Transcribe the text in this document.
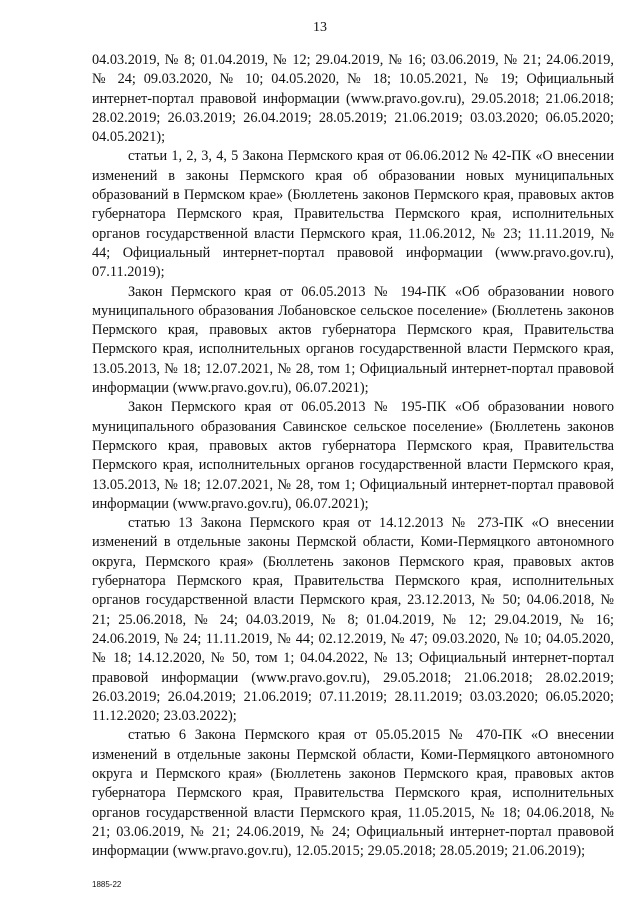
13

04.03.2019, № 8; 01.04.2019, № 12; 29.04.2019, № 16; 03.06.2019, № 21; 24.06.2019, № 24; 09.03.2020, № 10; 04.05.2020, № 18; 10.05.2021, № 19; Официальный интернет-портал правовой информации (www.pravo.gov.ru), 29.05.2018; 21.06.2018; 28.02.2019; 26.03.2019; 26.04.2019; 28.05.2019; 21.06.2019; 03.03.2020; 06.05.2020; 04.05.2021);

статьи 1, 2, 3, 4, 5 Закона Пермского края от 06.06.2012 № 42-ПК «О внесении изменений в законы Пермского края об образовании новых муниципальных образований в Пермском крае» (Бюллетень законов Пермского края, правовых актов губернатора Пермского края, Правительства Пермского края, исполнительных органов государственной власти Пермского края, 11.06.2012, № 23; 11.11.2019, № 44; Официальный интернет-портал правовой информации (www.pravo.gov.ru), 07.11.2019);

Закон Пермского края от 06.05.2013 № 194-ПК «Об образовании нового муниципального образования Лобановское сельское поселение» (Бюллетень законов Пермского края, правовых актов губернатора Пермского края, Правительства Пермского края, исполнительных органов государственной власти Пермского края, 13.05.2013, № 18; 12.07.2021, № 28, том 1; Официальный интернет-портал правовой информации (www.pravo.gov.ru), 06.07.2021);

Закон Пермского края от 06.05.2013 № 195-ПК «Об образовании нового муниципального образования Савинское сельское поселение» (Бюллетень законов Пермского края, правовых актов губернатора Пермского края, Правительства Пермского края, исполнительных органов государственной власти Пермского края, 13.05.2013, № 18; 12.07.2021, № 28, том 1; Официальный интернет-портал правовой информации (www.pravo.gov.ru), 06.07.2021);

статью 13 Закона Пермского края от 14.12.2013 № 273-ПК «О внесении изменений в отдельные законы Пермской области, Коми-Пермяцкого автономного округа, Пермского края» (Бюллетень законов Пермского края, правовых актов губернатора Пермского края, Правительства Пермского края, исполнительных органов государственной власти Пермского края, 23.12.2013, № 50; 04.06.2018, № 21; 25.06.2018, № 24; 04.03.2019, № 8; 01.04.2019, № 12; 29.04.2019, № 16; 24.06.2019, № 24; 11.11.2019, № 44; 02.12.2019, № 47; 09.03.2020, № 10; 04.05.2020, № 18; 14.12.2020, № 50, том 1; 04.04.2022, № 13; Официальный интернет-портал правовой информации (www.pravo.gov.ru), 29.05.2018; 21.06.2018; 28.02.2019; 26.03.2019; 26.04.2019; 21.06.2019; 07.11.2019; 28.11.2019; 03.03.2020; 06.05.2020; 11.12.2020; 23.03.2022);

статью 6 Закона Пермского края от 05.05.2015 № 470-ПК «О внесении изменений в отдельные законы Пермской области, Коми-Пермяцкого автономного округа и Пермского края» (Бюллетень законов Пермского края, правовых актов губернатора Пермского края, Правительства Пермского края, исполнительных органов государственной власти Пермского края, 11.05.2015, № 18; 04.06.2018, № 21; 03.06.2019, № 21; 24.06.2019, № 24; Официальный интернет-портал правовой информации (www.pravo.gov.ru), 12.05.2015; 29.05.2018; 28.05.2019; 21.06.2019);

1885-22
